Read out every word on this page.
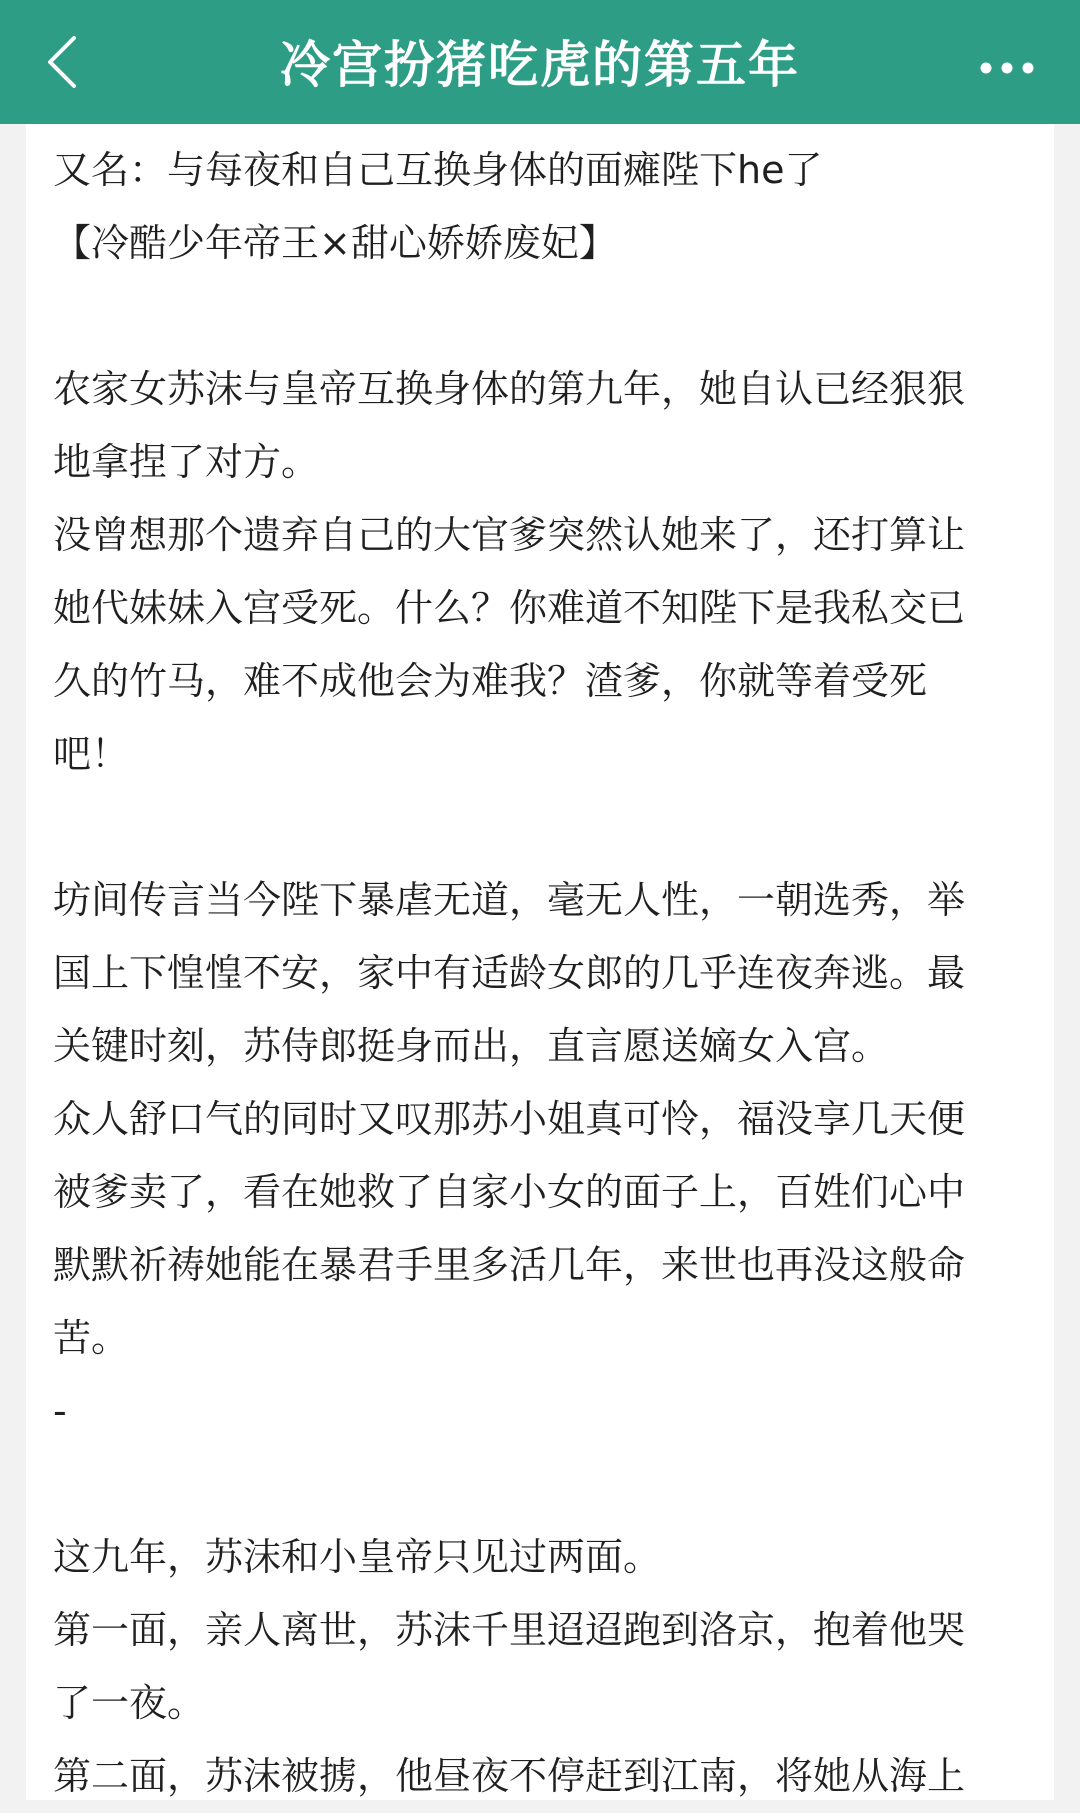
冷宫扮猪吃虎的第五年
又名：与每夜和自己互换身体的面瘫陛下he了
【冷酷少年帝王×甜心娇娇废妃】
农家女苏沫与皇帝互换身体的第九年，她自认已经狠狠
地拿捏了对方。
没曾想那个遗弃自己的大官爹突然认她来了，还打算让
她代妹妹入宫受死。什么？你难道不知陛下是我私交已
久的竹马，难不成他会为难我？渣爹，你就等着受死
吧！
坊间传言当今陛下暴虐无道，毫无人性，一朝选秀，举
国上下惶惶不安，家中有适龄女郎的几乎连夜奔逃。最
关键时刻，苏侍郎挺身而出，直言愿送嫡女入宫。
众人舒口气的同时又叹那苏小姐真可怜，福没享几天便
被爹卖了，看在她救了自家小女的面子上，百姓们心中
默默祈祷她能在暴君手里多活几年，来世也再没这般命
苦。
-
这九年，苏沫和小皇帝只见过两面。
第一面，亲人离世，苏沫千里迢迢跑到洛京，抱着他哭
了一夜。
第二面，苏沫被掳，他昼夜不停赶到江南，将她从海上
